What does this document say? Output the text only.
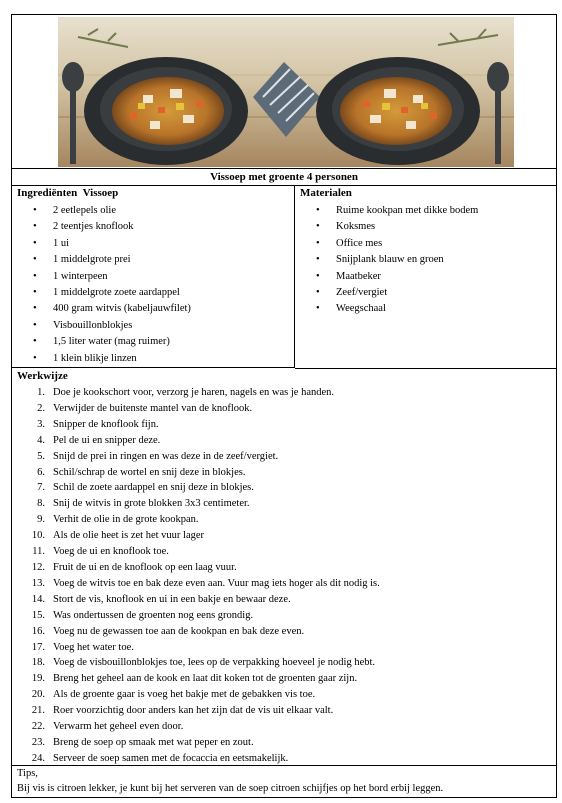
Vissoep met groente 4 personen
Ingrediënten  Vissoep
• 2 eetlepels olie
• 2 teentjes knoflook
• 1 ui
• 1 middelgrote prei
• 1 winterpeen
• 1 middelgrote zoete aardappel
• 400 gram witvis (kabeljauwfilet)
• Visbouillonblokjes
• 1,5 liter water (mag ruimer)
• 1 klein blikje linzen
Materialen
• Ruime kookpan met dikke bodem
• Koksmes
• Office mes
• Snijplank blauw en groen
• Maatbeker
• Zeef/vergiet
• Weegschaal
Werkwijze
1. Doe je kookschort voor, verzorg je haren, nagels en was je handen.
2. Verwijder de buitenste mantel van de knoflook.
3. Snipper de knoflook fijn.
4. Pel de ui en snipper deze.
5. Snijd de prei in ringen en was deze in de zeef/vergiet.
6. Schil/schrap de wortel en snij deze in blokjes.
7. Schil de zoete aardappel en snij deze in blokjes.
8. Snij de witvis in grote blokken 3x3 centimeter.
9. Verhit de olie in de grote kookpan.
10. Als de olie heet is zet het vuur lager
11. Voeg de ui en knoflook toe.
12. Fruit de ui en de knoflook op een laag vuur.
13. Voeg de witvis toe en bak deze even aan. Vuur mag iets hoger als dit nodig is.
14. Stort de vis, knoflook en ui in een bakje en bewaar deze.
15. Was ondertussen de groenten nog eens grondig.
16. Voeg nu de gewassen toe aan de kookpan en bak deze even.
17. Voeg het water toe.
18. Voeg de visbouillonblokjes toe, lees op de verpakking hoeveel je nodig hebt.
19. Breng het geheel aan de kook en laat dit koken tot de groenten gaar zijn.
20. Als de groente gaar is voeg het bakje met de gebakken vis toe.
21. Roer voorzichtig door anders kan het zijn dat de vis uit elkaar valt.
22. Verwarm het geheel even door.
23. Breng de soep op smaak met wat peper en zout.
24. Serveer de soep samen met de focaccia en eetsmakelijk.
Tips,
Bij vis is citroen lekker, je kunt bij het serveren van de soep citroen schijfjes op het bord erbij leggen.
